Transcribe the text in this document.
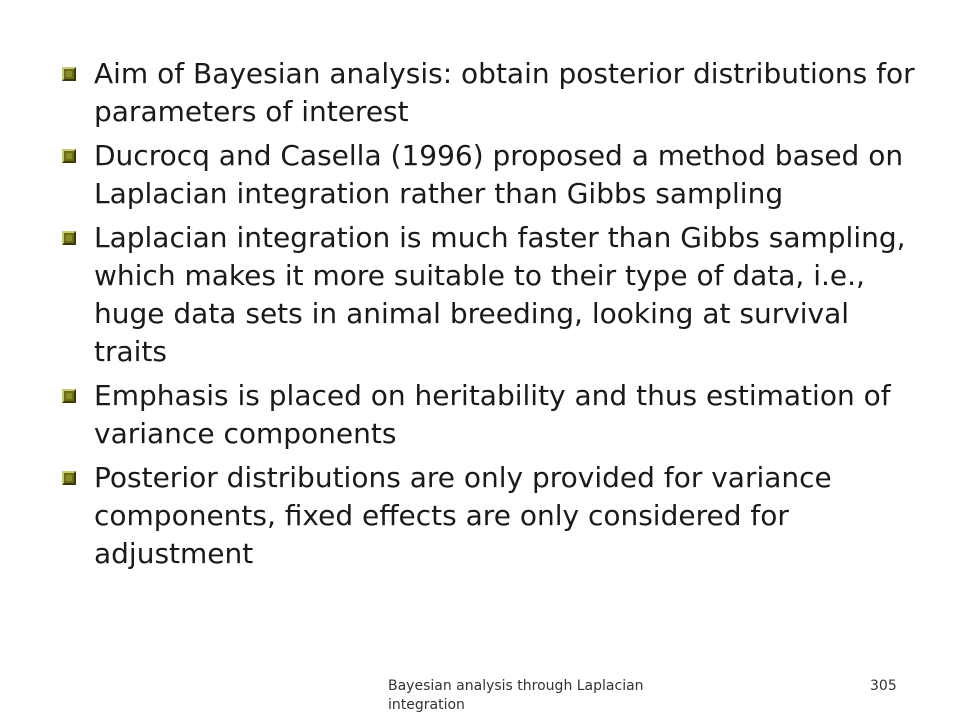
Aim of Bayesian analysis: obtain posterior distributions for parameters of interest
Ducrocq and Casella (1996) proposed a method based on Laplacian integration rather than Gibbs sampling
Laplacian integration is much faster than Gibbs sampling, which makes it more suitable to their type of data, i.e., huge data sets in animal breeding, looking at survival traits
Emphasis is placed on heritability and thus estimation of variance components
Posterior distributions are only provided for variance components, fixed effects are only considered for adjustment
Bayesian analysis through Laplacian integration
305
